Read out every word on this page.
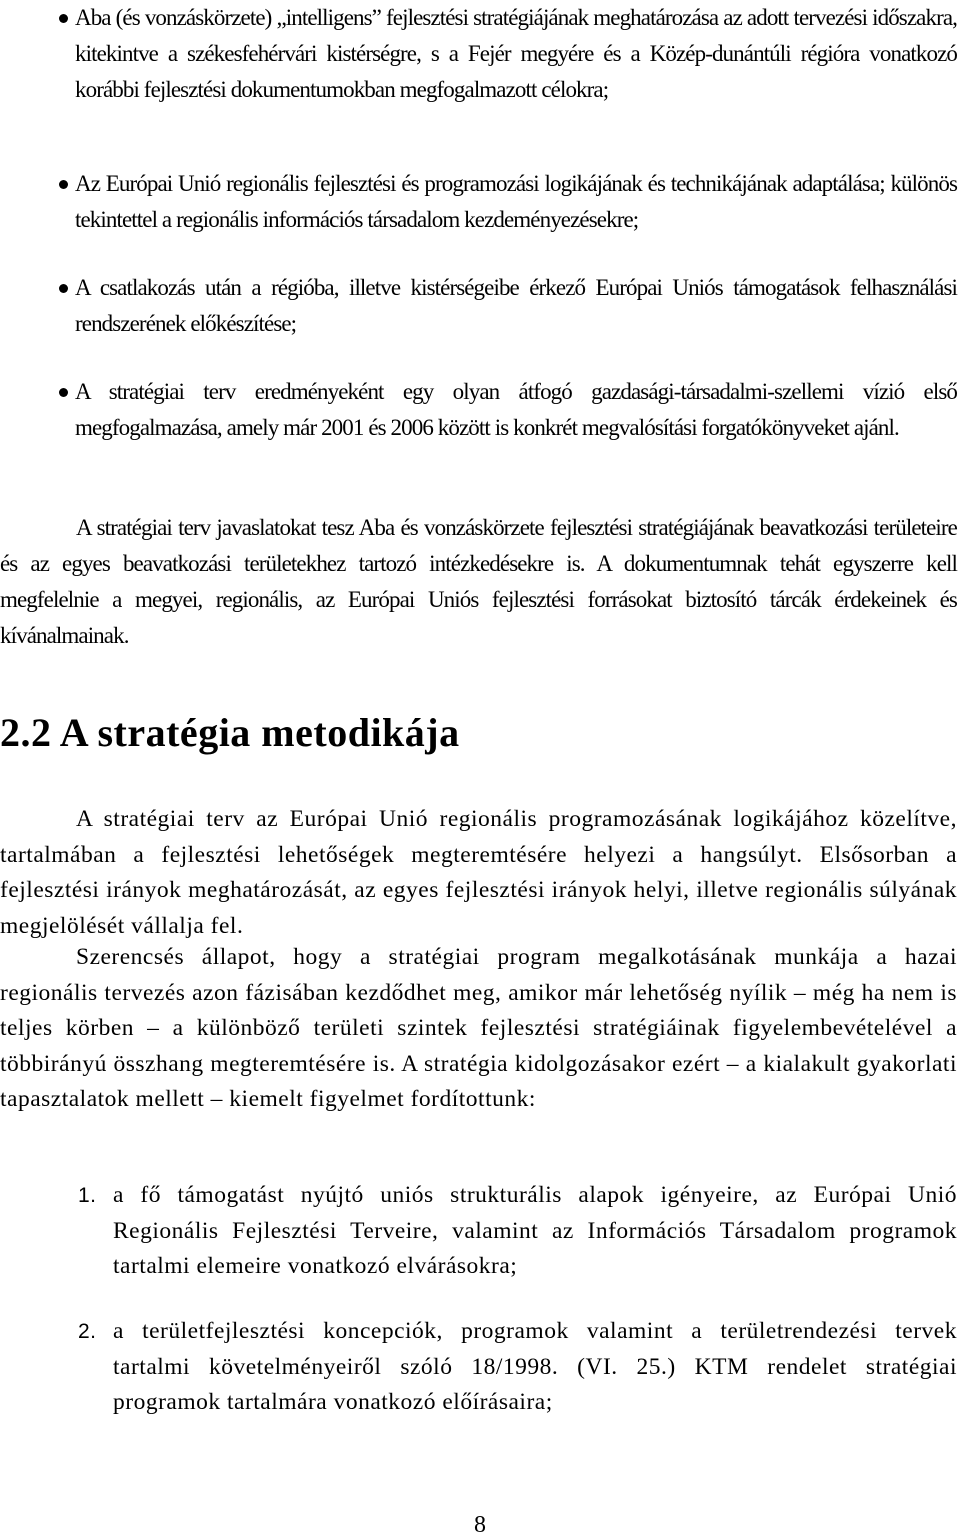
Aba (és vonzáskörzete) „intelligens” fejlesztési stratégiájának meghatározása az adott tervezési időszakra, kitekintve a székesfehérvári kistérségre, s a Fejér megyére és a Közép-dunántúli régióra vonatkozó korábbi fejlesztési dokumentumokban megfogalmazott célokra;
Az Európai Unió regionális fejlesztési és programozási logikájának és technikájának adaptálása; különös tekintettel a regionális információs társadalom kezdeményezésekre;
A csatlakozás után a régióba, illetve kistérségeibe érkező Európai Uniós támogatások felhasználási rendszerének előkészítése;
A stratégiai terv eredményeként egy olyan átfogó gazdasági-társadalmi-szellemi vízió első megfogalmazása, amely már 2001 és 2006 között is konkrét megvalósítási forgatókönyveket ajánl.

A stratégiai terv javaslatokat tesz Aba és vonzáskörzete fejlesztési stratégiájának beavatkozási területeire és az egyes beavatkozási területekhez tartozó intézkedésekre is. A dokumentumnak tehát egyszerre kell megfelelnie a megyei, regionális, az Európai Uniós fejlesztési forrásokat biztosító tárcák érdekeinek és kívánalmainak.

2.2 A stratégia metodikája

A stratégiai terv az Európai Unió regionális programozásának logikájához közelítve, tartalmában a fejlesztési lehetőségek megteremtésére helyezi a hangsúlyt. Elsősorban a fejlesztési irányok meghatározását, az egyes fejlesztési irányok helyi, illetve regionális súlyának megjelölését vállalja fel.

Szerencsés állapot, hogy a stratégiai program megalkotásának munkája a hazai regionális tervezés azon fázisában kezdődhet meg, amikor már lehetőség nyílik – még ha nem is teljes körben – a különböző területi szintek fejlesztési stratégiáinak figyelembevételével a többirányú összhang megteremtésére is. A stratégia kidolgozásakor ezért – a kialakult gyakorlati tapasztalatok mellett – kiemelt figyelmet fordítottunk:

1. a fő támogatást nyújtó uniós strukturális alapok igényeire, az Európai Unió Regionális Fejlesztési Terveire, valamint az Információs Társadalom programok tartalmi elemeire vonatkozó elvárásokra;
2. a területfejlesztési koncepciók, programok valamint a területrendezési tervek tartalmi követelményeiről szóló 18/1998. (VI. 25.) KTM rendelet stratégiai programok tartalmára vonatkozó előírásaira;
8
